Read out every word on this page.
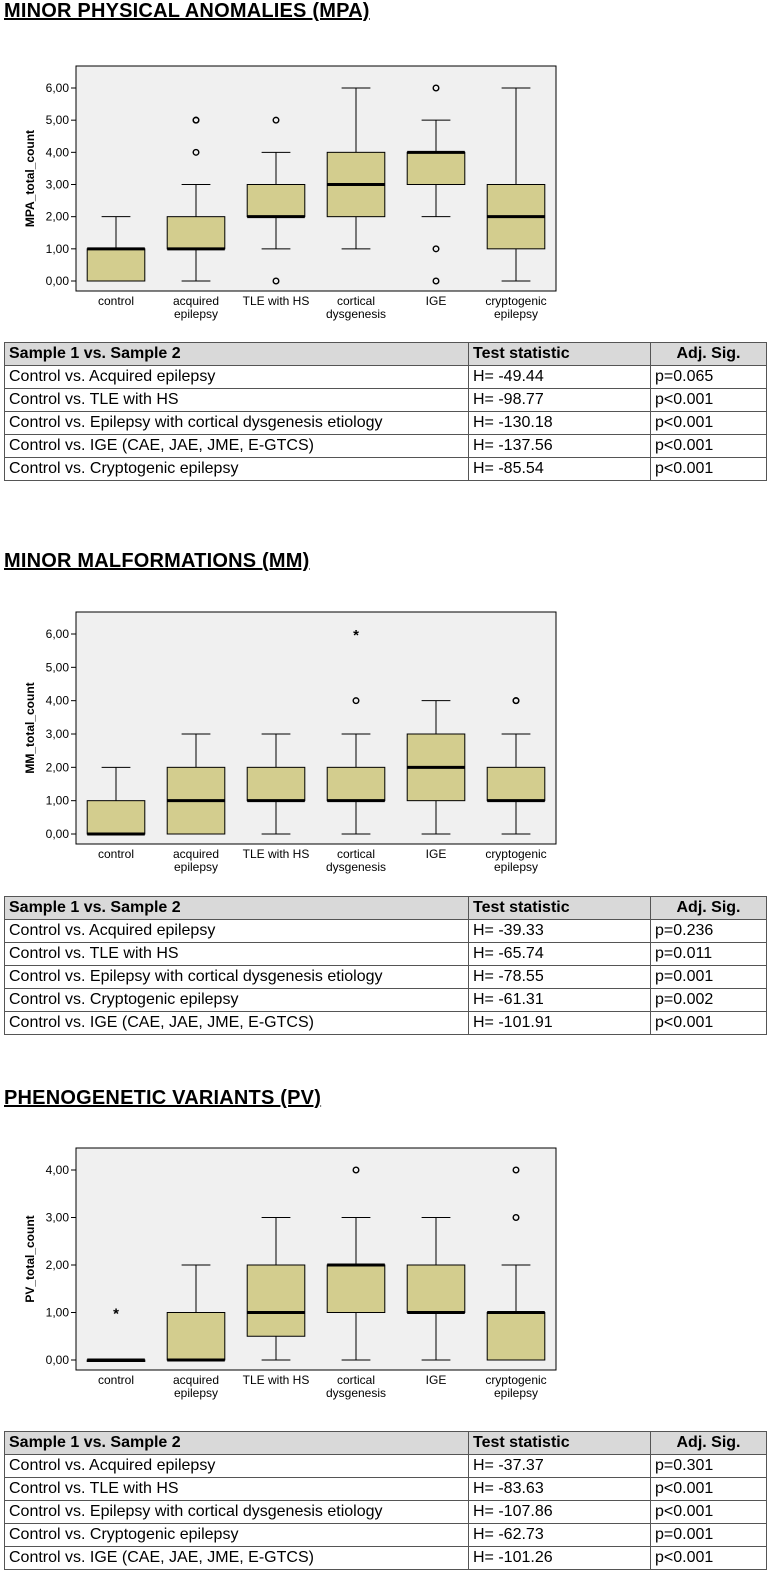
MINOR PHYSICAL ANOMALIES (MPA)
MPA_total_count
0,00
1,00
2,00
3,00
4,00
5,00
6,00
control	acquired
epilepsy
TLE with HS cortical
dysgenesis
IGE	cryptogenic
epilepsy
Sample 1 vs. Sample 2	Test statistic	Adj. Sig.
Control vs. Acquired epilepsy	H= -49.44	p=0.065
Control vs. TLE with HS	H= -98.77	p<0.001
Control vs. Epilepsy with cortical dysgenesis etiology	H= -130.18	p<0.001
Control vs. IGE (CAE, JAE, JME, E-GTCS)	H= -137.56	p<0.001
Control vs. Cryptogenic epilepsy	H= -85.54	p<0.001
MINOR MALFORMATIONS (MM)
MM_total_count
0,00
1,00
2,00
3,00
4,00
5,00
6,00
control	acquired
epilepsy
TLE with HS
*
cortical
dysgenesis
IGE	cryptogenic
epilepsy
Sample 1 vs. Sample 2	Test statistic	Adj. Sig.
Control vs. Acquired epilepsy	H= -39.33	p=0.236
Control vs. TLE with HS	H= -65.74	p=0.011
Control vs. Epilepsy with cortical dysgenesis etiology	H= -78.55	p=0.001
Control vs. Cryptogenic epilepsy	H= -61.31	p=0.002
Control vs. IGE (CAE, JAE, JME, E-GTCS)	H= -101.91	p<0.001
PHENOGENETIC VARIANTS (PV)
PV_total_count
0,00
1,00
2,00
3,00
4,00
*
control	acquired
epilepsy
TLE with HS cortical
dysgenesis
IGE	cryptogenic
epilepsy
Sample 1 vs. Sample 2	Test statistic	Adj. Sig.
Control vs. Acquired epilepsy	H= -37.37	p=0.301
Control vs. TLE with HS	H= -83.63	p<0.001
Control vs. Epilepsy with cortical dysgenesis etiology	H= -107.86	p<0.001
Control vs. Cryptogenic epilepsy	H= -62.73	p=0.001
Control vs. IGE (CAE, JAE, JME, E-GTCS)	H= -101.26	p<0.001
